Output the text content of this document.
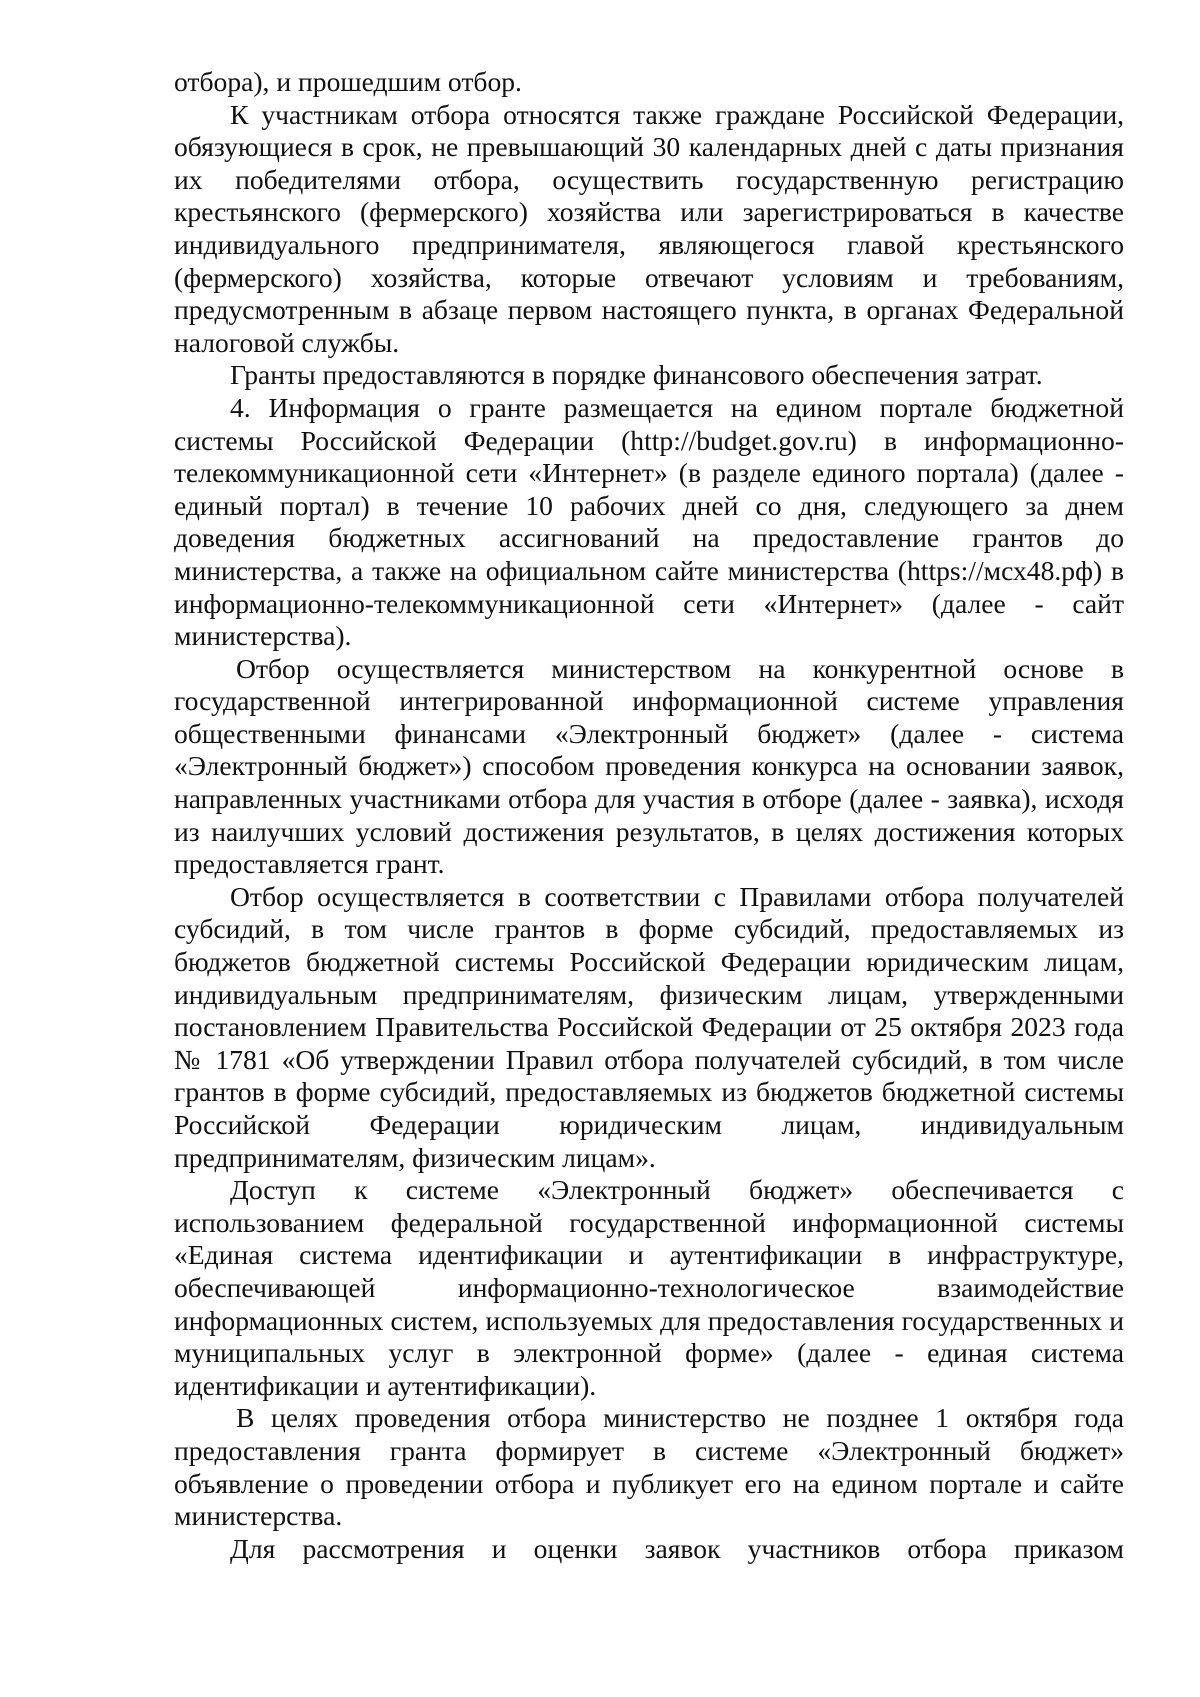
отбора), и прошедшим отбор.

К участникам отбора относятся также граждане Российской Федерации, обязующиеся в срок, не превышающий 30 календарных дней с даты признания их победителями отбора, осуществить государственную регистрацию крестьянского (фермерского) хозяйства или зарегистрироваться в качестве индивидуального предпринимателя, являющегося главой крестьянского (фермерского) хозяйства, которые отвечают условиям и требованиям, предусмотренным в абзаце первом настоящего пункта, в органах Федеральной налоговой службы.

Гранты предоставляются в порядке финансового обеспечения затрат.

4. Информация о гранте размещается на едином портале бюджетной системы Российской Федерации (http://budget.gov.ru) в информационно-телекоммуникационной сети «Интернет» (в разделе единого портала) (далее - единый портал) в течение 10 рабочих дней со дня, следующего за днем доведения бюджетных ассигнований на предоставление грантов до министерства, а также на официальном сайте министерства (https://мсх48.рф) в информационно-телекоммуникационной сети «Интернет» (далее - сайт министерства).

Отбор осуществляется министерством на конкурентной основе в государственной интегрированной информационной системе управления общественными финансами «Электронный бюджет» (далее - система «Электронный бюджет») способом проведения конкурса на основании заявок, направленных участниками отбора для участия в отборе (далее - заявка), исходя из наилучших условий достижения результатов, в целях достижения которых предоставляется грант.

Отбор осуществляется в соответствии с Правилами отбора получателей субсидий, в том числе грантов в форме субсидий, предоставляемых из бюджетов бюджетной системы Российской Федерации юридическим лицам, индивидуальным предпринимателям, физическим лицам, утвержденными постановлением Правительства Российской Федерации от 25 октября 2023 года № 1781 «Об утверждении Правил отбора получателей субсидий, в том числе грантов в форме субсидий, предоставляемых из бюджетов бюджетной системы Российской Федерации юридическим лицам, индивидуальным предпринимателям, физическим лицам».

Доступ к системе «Электронный бюджет» обеспечивается с использованием федеральной государственной информационной системы «Единая система идентификации и аутентификации в инфраструктуре, обеспечивающей информационно-технологическое взаимодействие информационных систем, используемых для предоставления государственных и муниципальных услуг в электронной форме» (далее - единая система идентификации и аутентификации).

В целях проведения отбора министерство не позднее 1 октября года предоставления гранта формирует в системе «Электронный бюджет» объявление о проведении отбора и публикует его на едином портале и сайте министерства.

Для рассмотрения и оценки заявок участников отбора приказом
